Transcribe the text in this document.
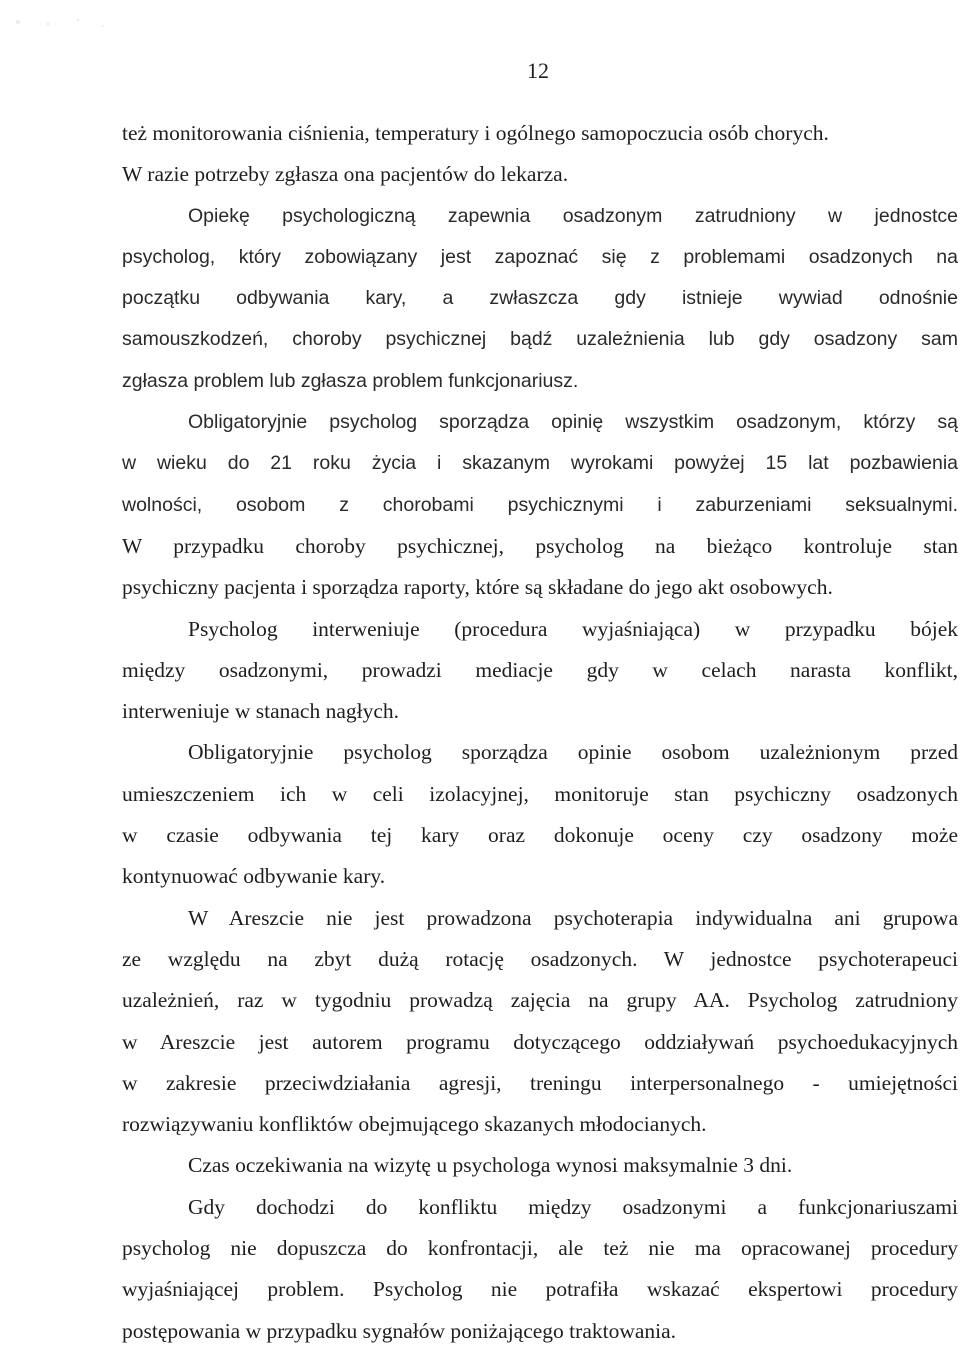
12
też monitorowania ciśnienia, temperatury i ogólnego samopoczucia osób chorych.
W razie potrzeby zgłasza ona pacjentów do lekarza.
Opiekę psychologiczną zapewnia osadzonym zatrudniony w jednostce
psycholog, który zobowiązany jest zapoznać się z problemami osadzonych na
początku odbywania kary, a zwłaszcza gdy istnieje wywiad odnośnie
samouszkodzeń, choroby psychicznej bądź uzależnienia lub gdy osadzony sam
zgłasza problem lub zgłasza problem funkcjonariusz.
Obligatoryjnie psycholog sporządza opinię wszystkim osadzonym, którzy są
w wieku do 21 roku życia i skazanym wyrokami powyżej 15 lat pozbawienia
wolności, osobom z chorobami psychicznymi i zaburzeniami seksualnymi.
W przypadku choroby psychicznej, psycholog na bieżąco kontroluje stan
psychiczny pacjenta i sporządza raporty, które są składane do jego akt osobowych.
Psycholog interweniuje (procedura wyjaśniająca) w przypadku bójek
między osadzonymi, prowadzi mediacje gdy w celach narasta konflikt,
interweniuje w stanach nagłych.
Obligatoryjnie psycholog sporządza opinie osobom uzależnionym przed
umieszczeniem ich w celi izolacyjnej, monitoruje stan psychiczny osadzonych
w czasie odbywania tej kary oraz dokonuje oceny czy osadzony może
kontynuować odbywanie kary.
W Areszcie nie jest prowadzona psychoterapia indywidualna ani grupowa
ze względu na zbyt dużą rotację osadzonych. W jednostce psychoterapeuci
uzależnień, raz w tygodniu prowadzą zajęcia na grupy AA. Psycholog zatrudniony
w Areszcie jest autorem programu dotyczącego oddziaływań psychoedukacyjnych
w zakresie przeciwdziałania agresji, treningu interpersonalnego - umiejętności
rozwiązywaniu konfliktów obejmującego skazanych młodocianych.
Czas oczekiwania na wizytę u psychologa wynosi maksymalnie 3 dni.
Gdy dochodzi do konfliktu między osadzonymi a funkcjonariuszami
psycholog nie dopuszcza do konfrontacji, ale też nie ma opracowanej procedury
wyjaśniającej problem. Psycholog nie potrafiła wskazać ekspertowi procedury
postępowania w przypadku sygnałów poniżającego traktowania.
